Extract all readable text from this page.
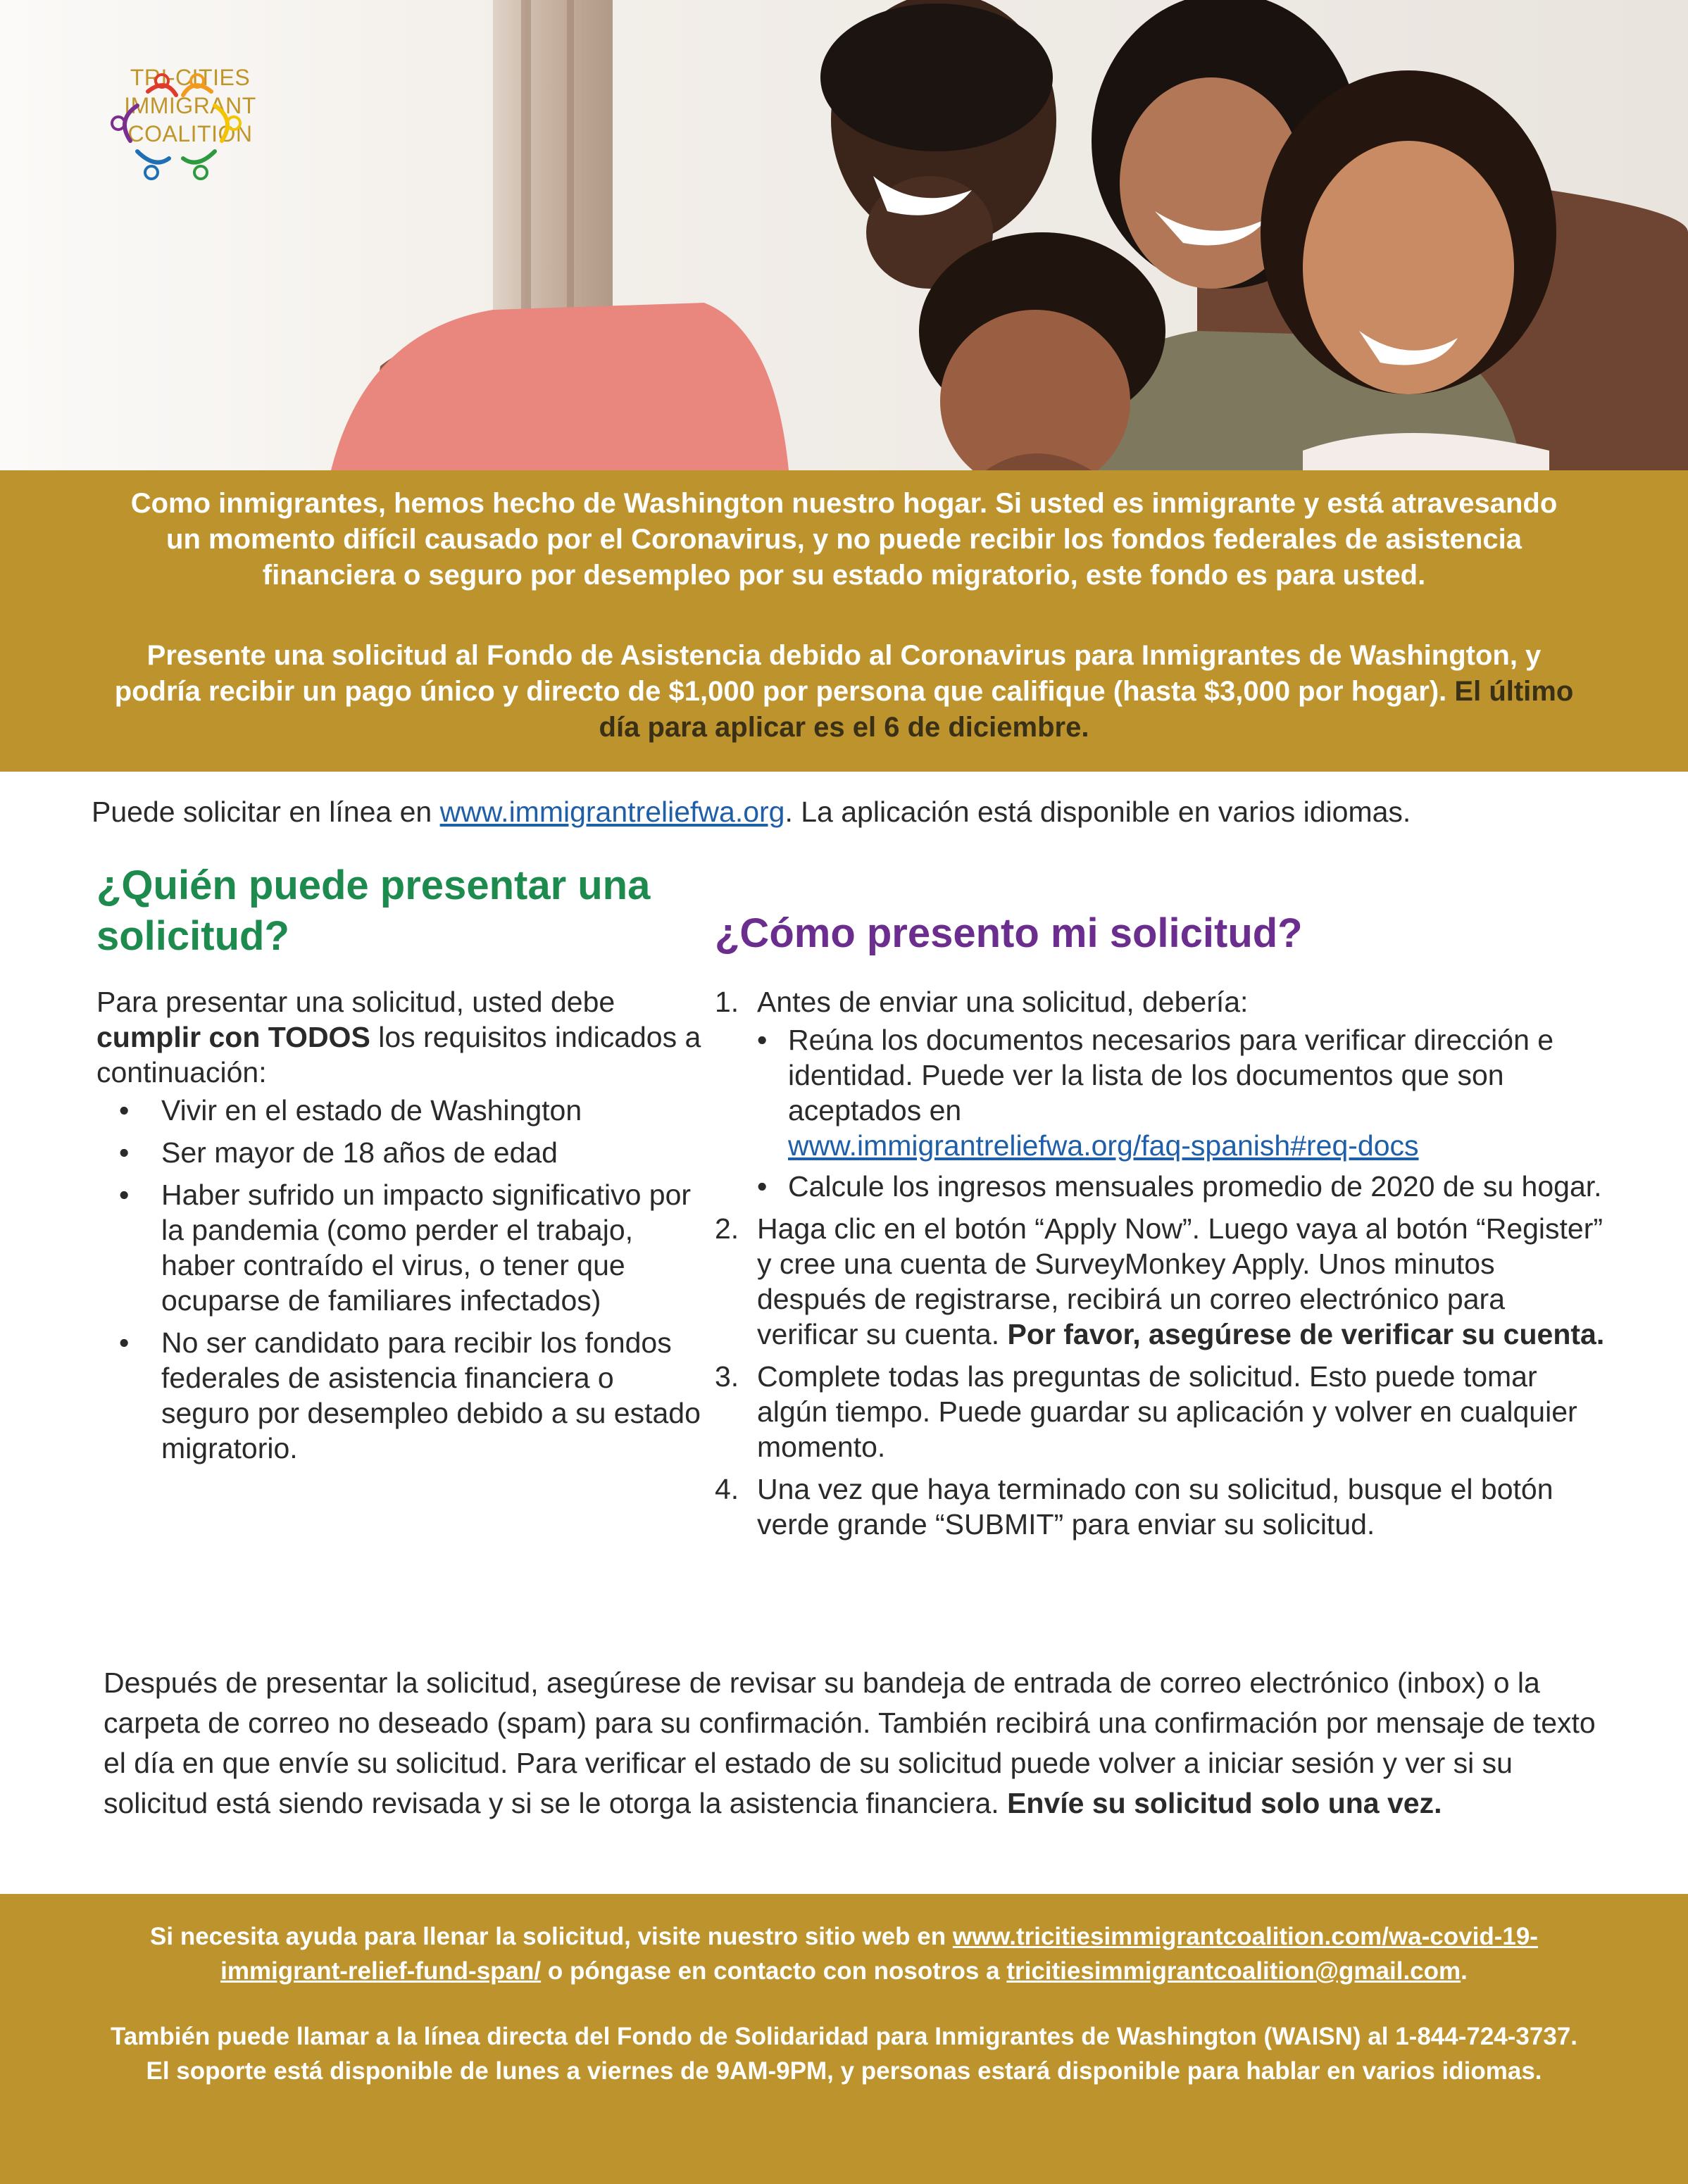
TRI-CITIES
IMMIGRANT
COALITION

Como inmigrantes, hemos hecho de Washington nuestro hogar. Si usted es inmigrante y está atravesando un momento difícil causado por el Coronavirus, y no puede recibir los fondos federales de asistencia financiera o seguro por desempleo por su estado migratorio, este fondo es para usted.

Presente una solicitud al Fondo de Asistencia debido al Coronavirus para Inmigrantes de Washington, y podría recibir un pago único y directo de $1,000 por persona que califique (hasta $3,000 por hogar). El último día para aplicar es el 6 de diciembre.

Puede solicitar en línea en www.immigrantreliefwa.org. La aplicación está disponible en varios idiomas.
¿Quién puede presentar una solicitud?	¿Cómo presento mi solicitud?

Para presentar una solicitud, usted debe cumplir con TODOS los requisitos indicados a continuación:

• Vivir en el estado de Washington
• Ser mayor de 18 años de edad
• Haber sufrido un impacto significativo por la pandemia (como perder el trabajo, haber contraído el virus, o tener que ocuparse de familiares infectados)
• No ser candidato para recibir los fondos federales de asistencia financiera o seguro por desempleo debido a su estado migratorio.
1. Antes de enviar una solicitud, debería:
• Reúna los documentos necesarios para verificar dirección e identidad. Puede ver la lista de los documentos que son aceptados en
www.immigrantreliefwa.org/faq-spanish#req-docs
• Calcule los ingresos mensuales promedio de 2020 de su hogar.
2. Haga clic en el botón “Apply Now”. Luego vaya al botón “Register” y cree una cuenta de SurveyMonkey Apply. Unos minutos después de registrarse, recibirá un correo electrónico para verificar su cuenta. Por favor, asegúrese de verificar su cuenta.
3. Complete todas las preguntas de solicitud. Esto puede tomar algún tiempo. Puede guardar su aplicación y volver en cualquier momento.
4. Una vez que haya terminado con su solicitud, busque el botón verde grande “SUBMIT” para enviar su solicitud.

Después de presentar la solicitud, asegúrese de revisar su bandeja de entrada de correo electrónico (inbox) o la carpeta de correo no deseado (spam) para su confirmación. También recibirá una confirmación por mensaje de texto el día en que envíe su solicitud. Para verificar el estado de su solicitud puede volver a iniciar sesión y ver si su solicitud está siendo revisada y si se le otorga la asistencia financiera. Envíe su solicitud solo una vez.

Si necesita ayuda para llenar la solicitud, visite nuestro sitio web en www.tricitiesimmigrantcoalition.com/wa-covid-19-immigrant-relief-fund-span/ o póngase en contacto con nosotros a tricitiesimmigrantcoalition@gmail.com.

También puede llamar a la línea directa del Fondo de Solidaridad para Inmigrantes de Washington (WAISN) al 1-844-724-3737. El soporte está disponible de lunes a viernes de 9AM-9PM, y personas estará disponible para hablar en varios idiomas.
